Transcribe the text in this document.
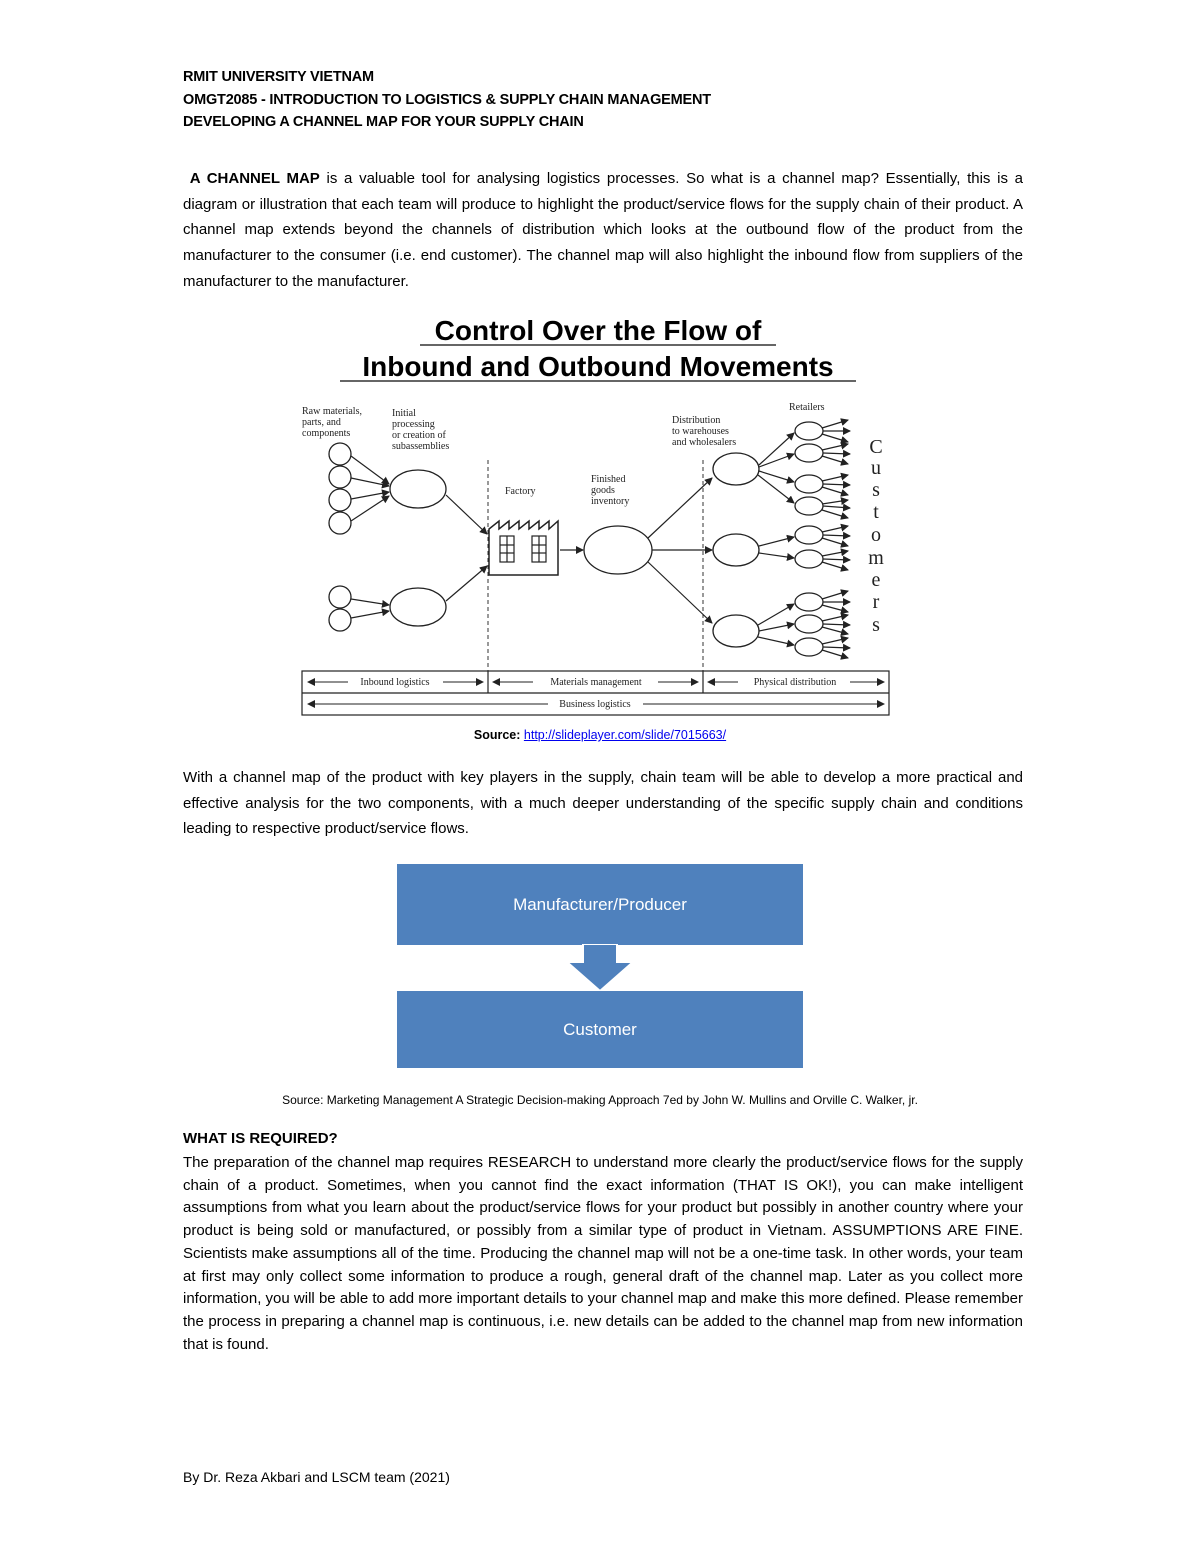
RMIT UNIVERSITY VIETNAM
OMGT2085 - INTRODUCTION TO LOGISTICS & SUPPLY CHAIN MANAGEMENT
DEVELOPING A CHANNEL MAP FOR YOUR SUPPLY CHAIN
A CHANNEL MAP is a valuable tool for analysing logistics processes. So what is a channel map? Essentially, this is a diagram or illustration that each team will produce to highlight the product/service flows for the supply chain of their product. A channel map extends beyond the channels of distribution which looks at the outbound flow of the product from the manufacturer to the consumer (i.e. end customer). The channel map will also highlight the inbound flow from suppliers of the manufacturer to the manufacturer.
Control Over the Flow of
Inbound and Outbound Movements
Raw materials, parts, and components
Initial processing or creation of subassemblies
Factory
Finished goods inventory
Distribution to warehouses and wholesalers
Retailers
C
u
s
t
o
m
e
r
s
Inbound logistics	Materials management	Physical distribution
Business logistics
Source: http://slideplayer.com/slide/7015663/
With a channel map of the product with key players in the supply, chain team will be able to develop a more practical and effective analysis for the two components, with a much deeper understanding of the specific supply chain and conditions leading to respective product/service flows.
Manufacturer/Producer
Customer
Source: Marketing Management A Strategic Decision-making Approach 7ed by John W. Mullins and Orville C. Walker, jr.
WHAT IS REQUIRED?
The preparation of the channel map requires RESEARCH to understand more clearly the product/service flows for the supply chain of a product. Sometimes, when you cannot find the exact information (THAT IS OK!), you can make intelligent assumptions from what you learn about the product/service flows for your product but possibly in another country where your product is being sold or manufactured, or possibly from a similar type of product in Vietnam. ASSUMPTIONS ARE FINE. Scientists make assumptions all of the time. Producing the channel map will not be a one-time task. In other words, your team at first may only collect some information to produce a rough, general draft of the channel map. Later as you collect more information, you will be able to add more important details to your channel map and make this more defined. Please remember the process in preparing a channel map is continuous, i.e. new details can be added to the channel map from new information that is found.
By Dr. Reza Akbari and LSCM team (2021)
